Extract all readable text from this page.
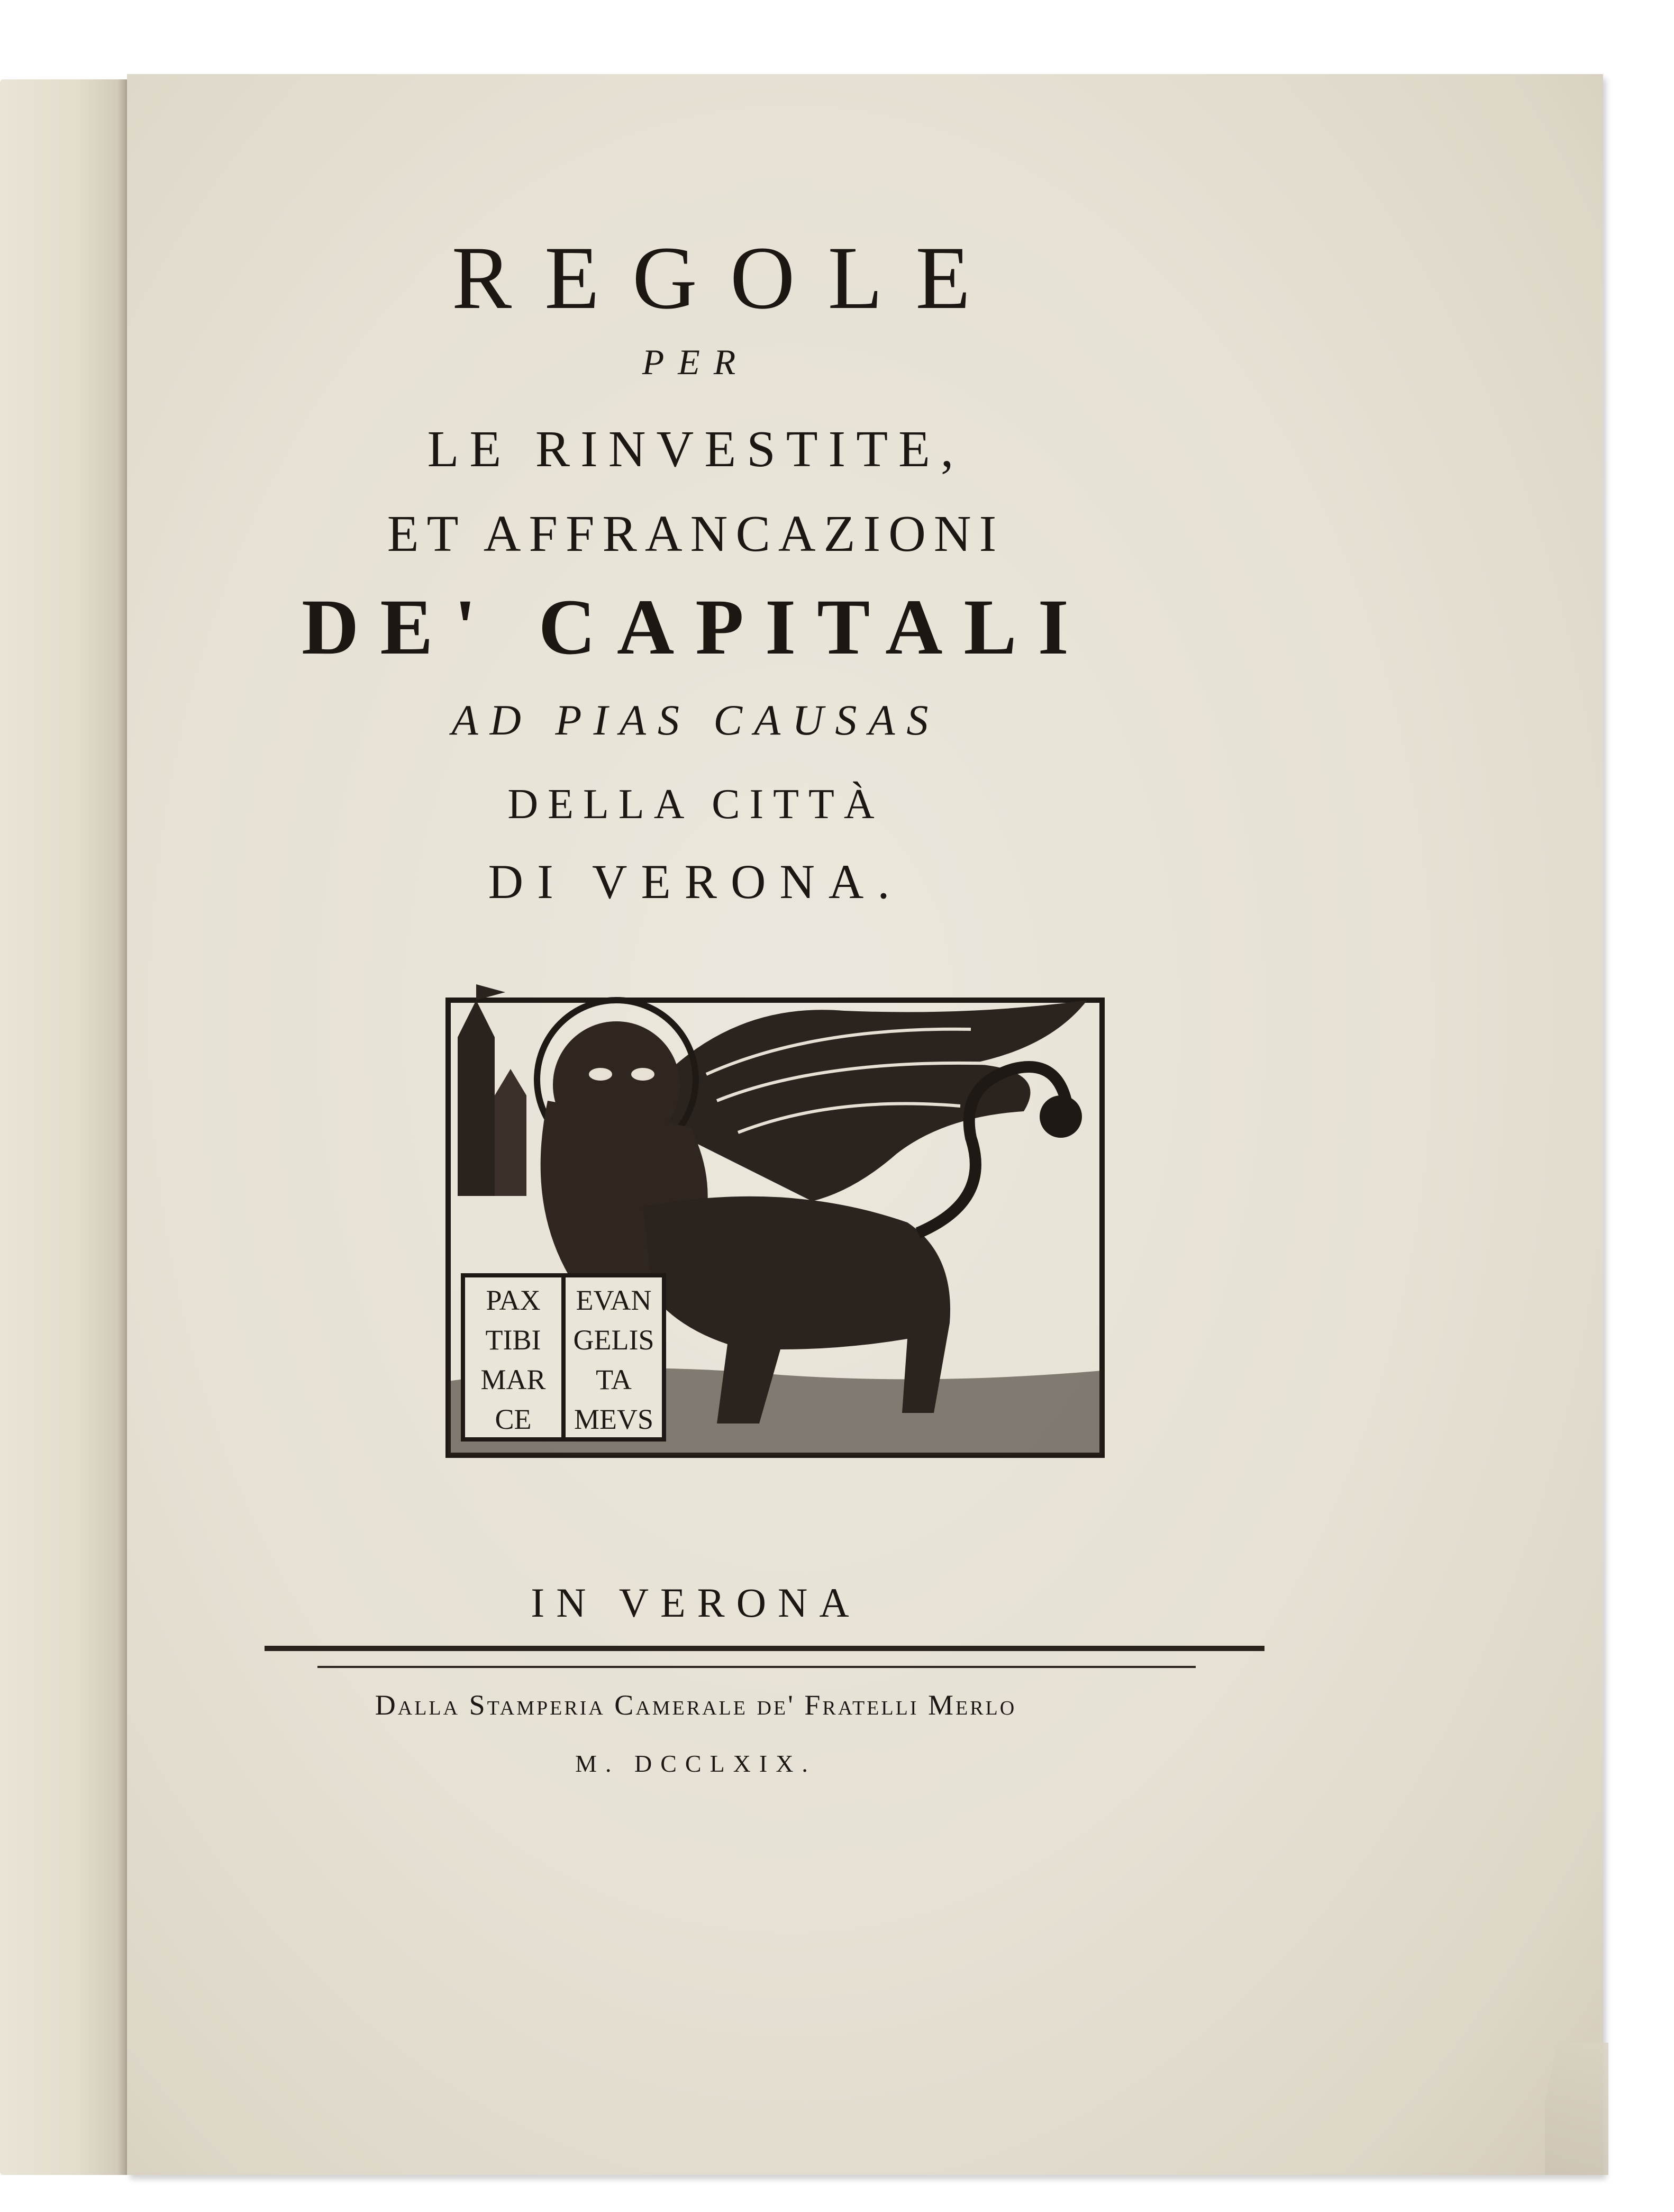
REGOLE

PER

LE RINVESTITE,

ET AFFRANCAZIONI

DE' CAPITALI

AD PIAS CAUSAS

DELLA CITTÀ

DI VERONA.

PAX
TIBI
MAR
CE
EVAN
GELIS
TA
MEVS

IN VERONA

Dalla Stamperia Camerale de' Fratelli Merlo

M. DCCLXIX.
